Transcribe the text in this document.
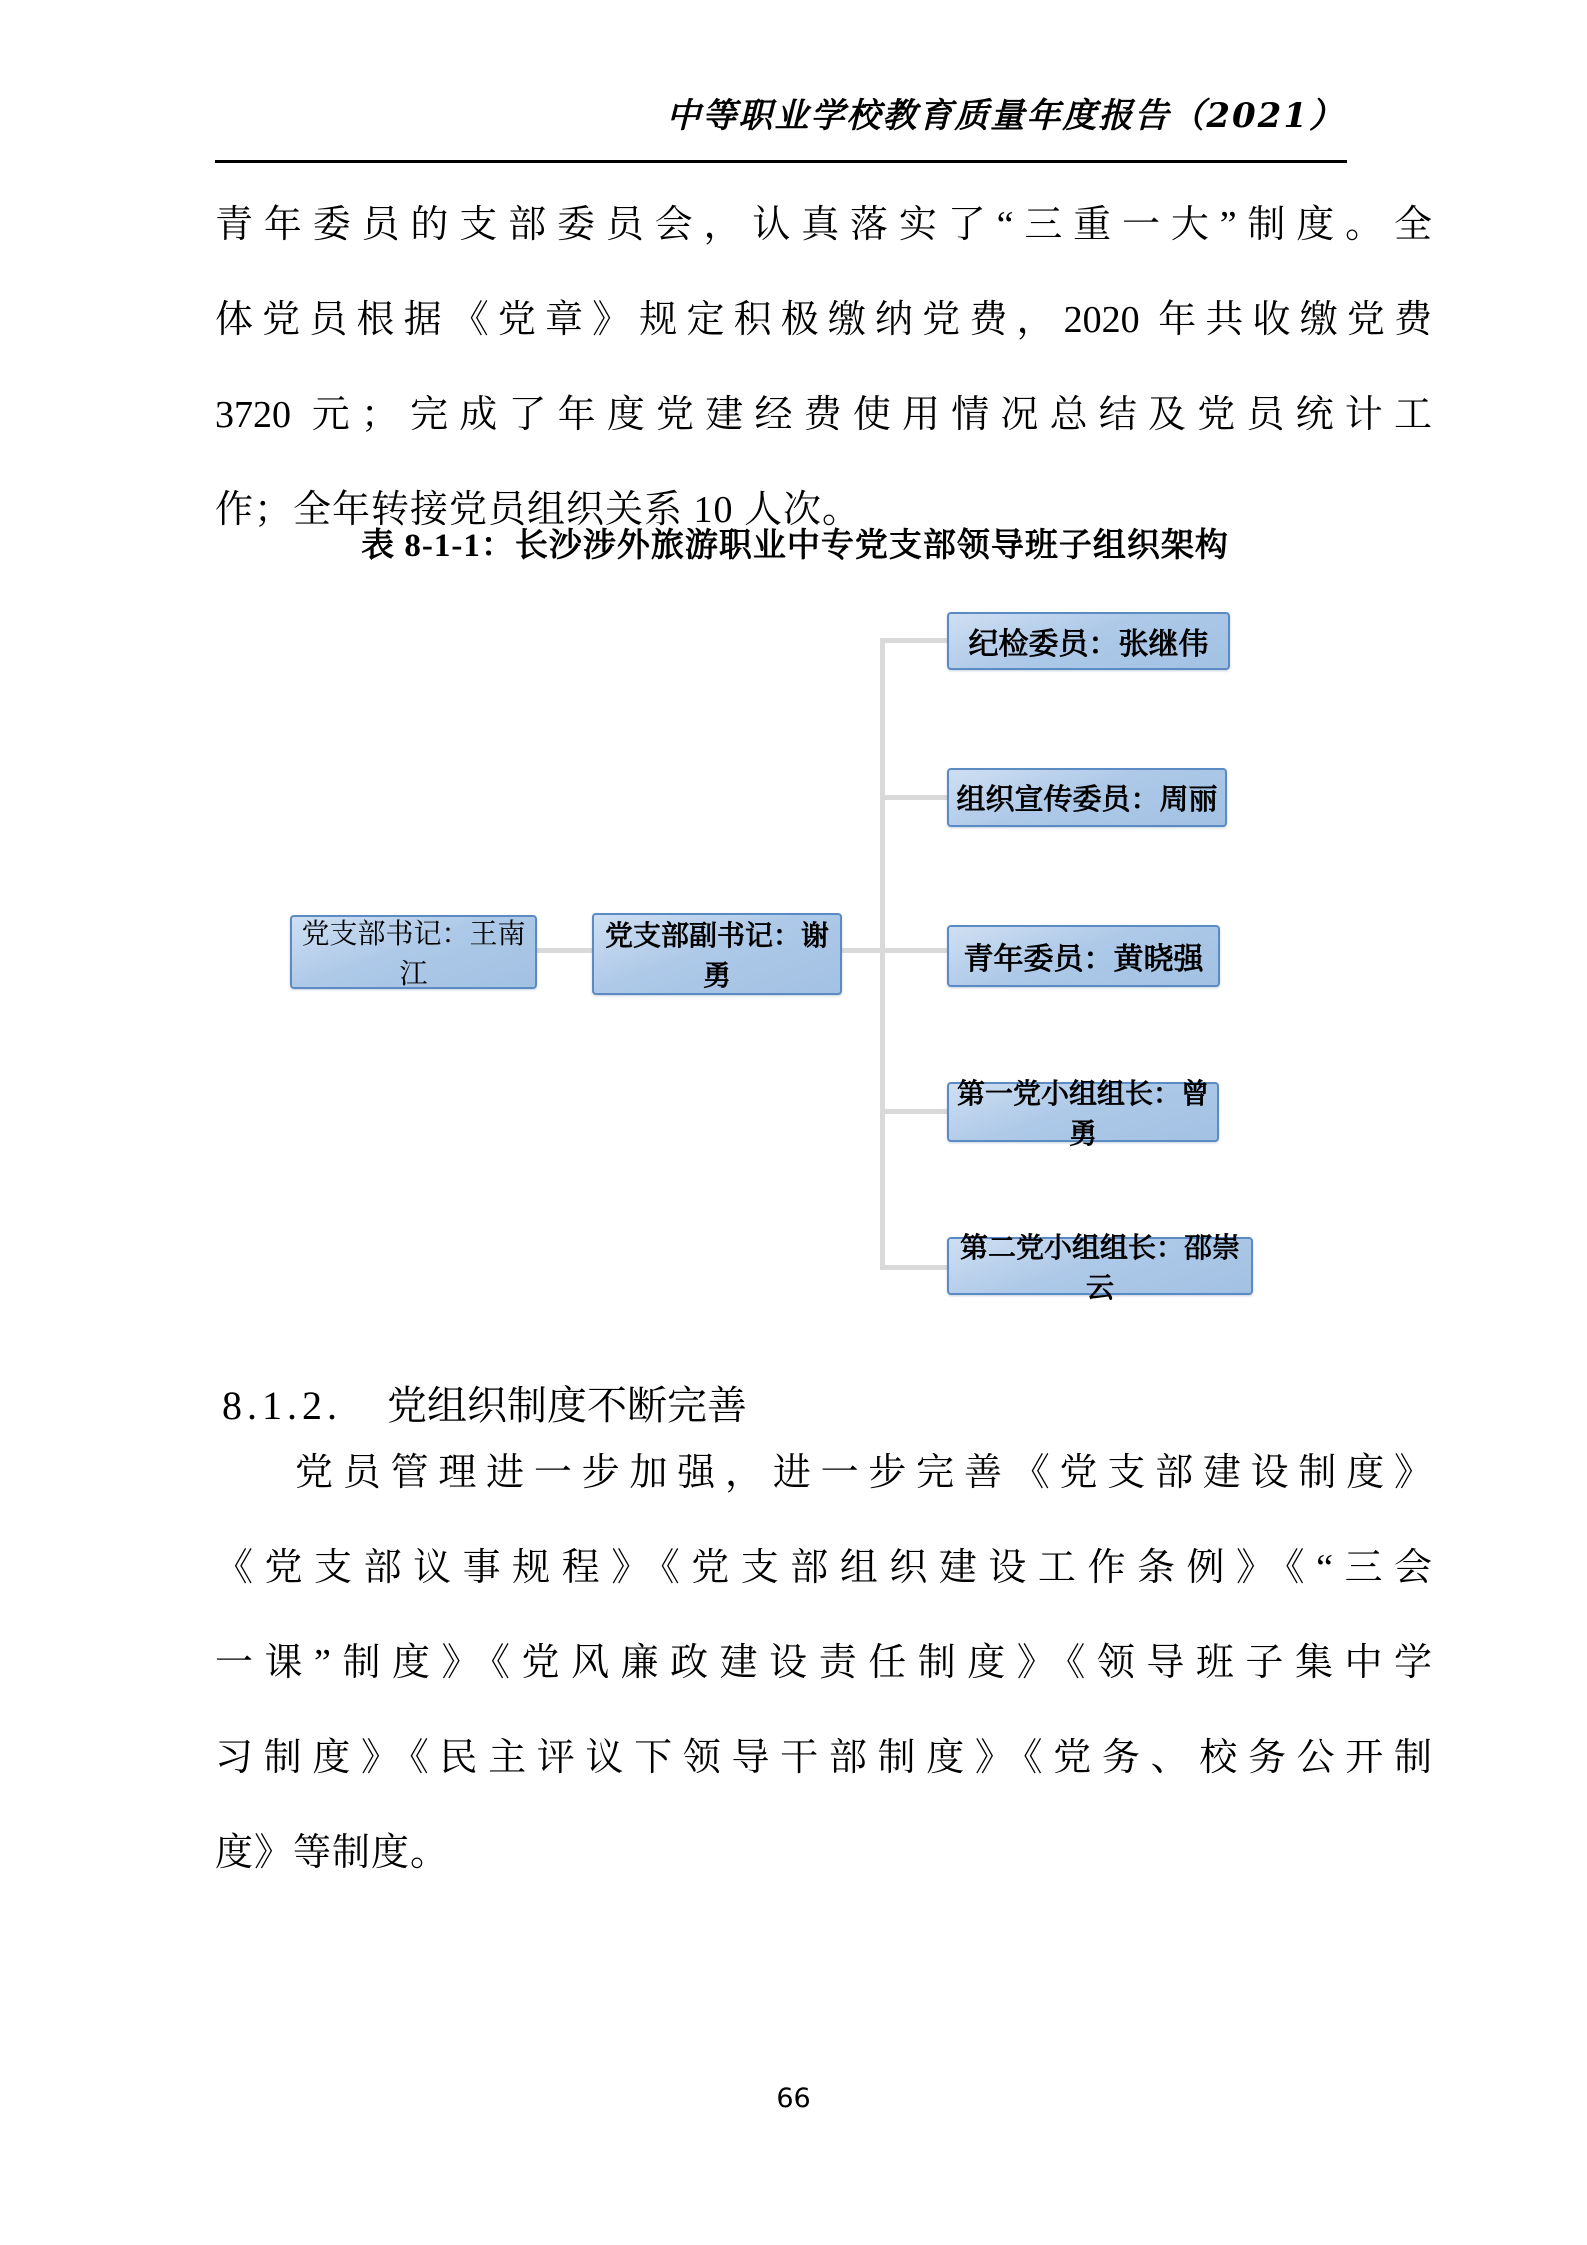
中等职业学校教育质量年度报告（2021）
青年委员的支部委员会，认真落实了“三重一大”制度。全
体党员根据《党章》规定积极缴纳党费，2020 年共收缴党费
3720 元；完成了年度党建经费使用情况总结及党员统计工
作；全年转接党员组织关系 10 人次。
表 8-1-1：长沙涉外旅游职业中专党支部领导班子组织架构
党支部书记：王南江
党支部副书记：谢勇
纪检委员：张继伟
组织宣传委员：周丽
青年委员：黄晓强
第一党小组组长：曾勇
第二党小组组长：邵崇云
8.1.2. 党组织制度不断完善
党员管理进一步加强，进一步完善《党支部建设制度》
《党支部议事规程》《党支部组织建设工作条例》《“三会
一课”制度》《党风廉政建设责任制度》《领导班子集中学
习制度》《民主评议下领导干部制度》《党务、校务公开制
度》等制度。
66
